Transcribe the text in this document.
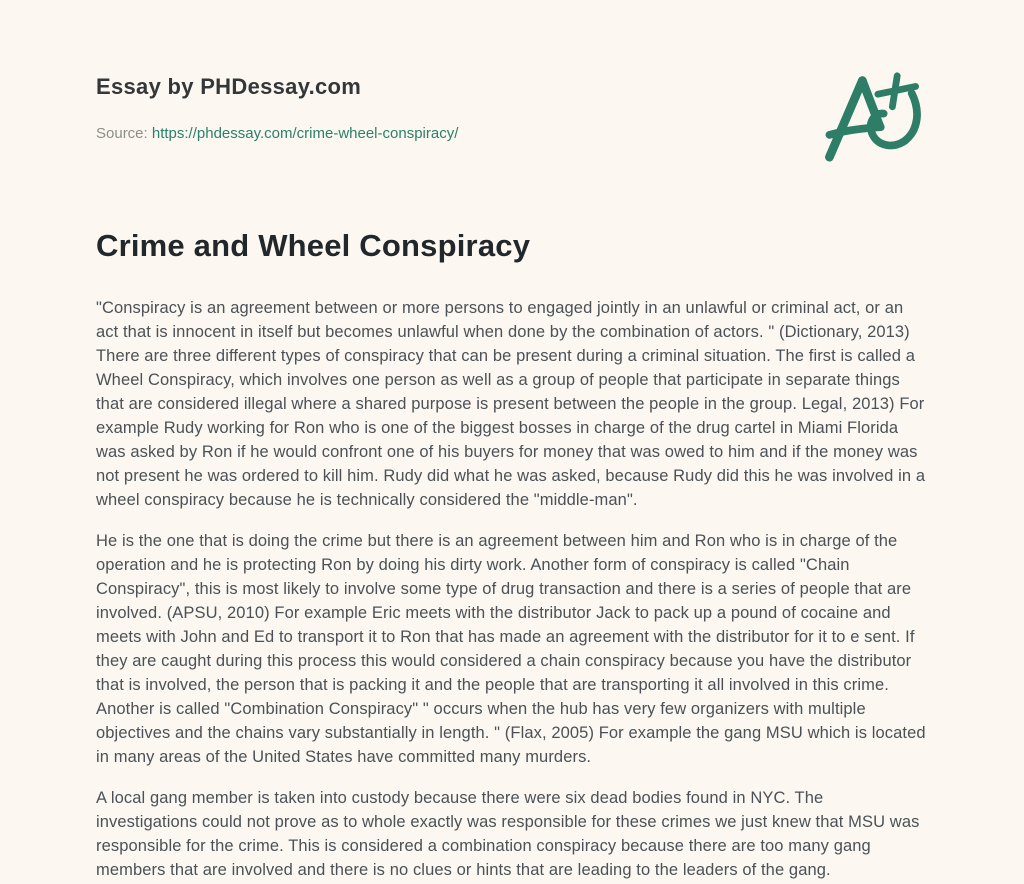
Essay by PHDessay.com
Source: https://phdessay.com/crime-wheel-conspiracy/
Crime and Wheel Conspiracy

"Conspiracy is an agreement between or more persons to engaged jointly in an unlawful or criminal act, or an act that is innocent in itself but becomes unlawful when done by the combination of actors. " (Dictionary, 2013) There are three different types of conspiracy that can be present during a criminal situation. The first is called a Wheel Conspiracy, which involves one person as well as a group of people that participate in separate things that are considered illegal where a shared purpose is present between the people in the group. Legal, 2013) For example Rudy working for Ron who is one of the biggest bosses in charge of the drug cartel in Miami Florida was asked by Ron if he would confront one of his buyers for money that was owed to him and if the money was not present he was ordered to kill him. Rudy did what he was asked, because Rudy did this he was involved in a wheel conspiracy because he is technically considered the "middle-man".

He is the one that is doing the crime but there is an agreement between him and Ron who is in charge of the operation and he is protecting Ron by doing his dirty work. Another form of conspiracy is called "Chain Conspiracy", this is most likely to involve some type of drug transaction and there is a series of people that are involved. (APSU, 2010) For example Eric meets with the distributor Jack to pack up a pound of cocaine and meets with John and Ed to transport it to Ron that has made an agreement with the distributor for it to e sent. If they are caught during this process this would considered a chain conspiracy because you have the distributor that is involved, the person that is packing it and the people that are transporting it all involved in this crime. Another is called "Combination Conspiracy" " occurs when the hub has very few organizers with multiple objectives and the chains vary substantially in length. " (Flax, 2005) For example the gang MSU which is located in many areas of the United States have committed many murders.

A local gang member is taken into custody because there were six dead bodies found in NYC. The investigations could not prove as to whole exactly was responsible for these crimes we just knew that MSU was responsible for the crime. This is considered a combination conspiracy because there are too many gang members that are involved and there is no clues or hints that are leading to the leaders of the gang.
